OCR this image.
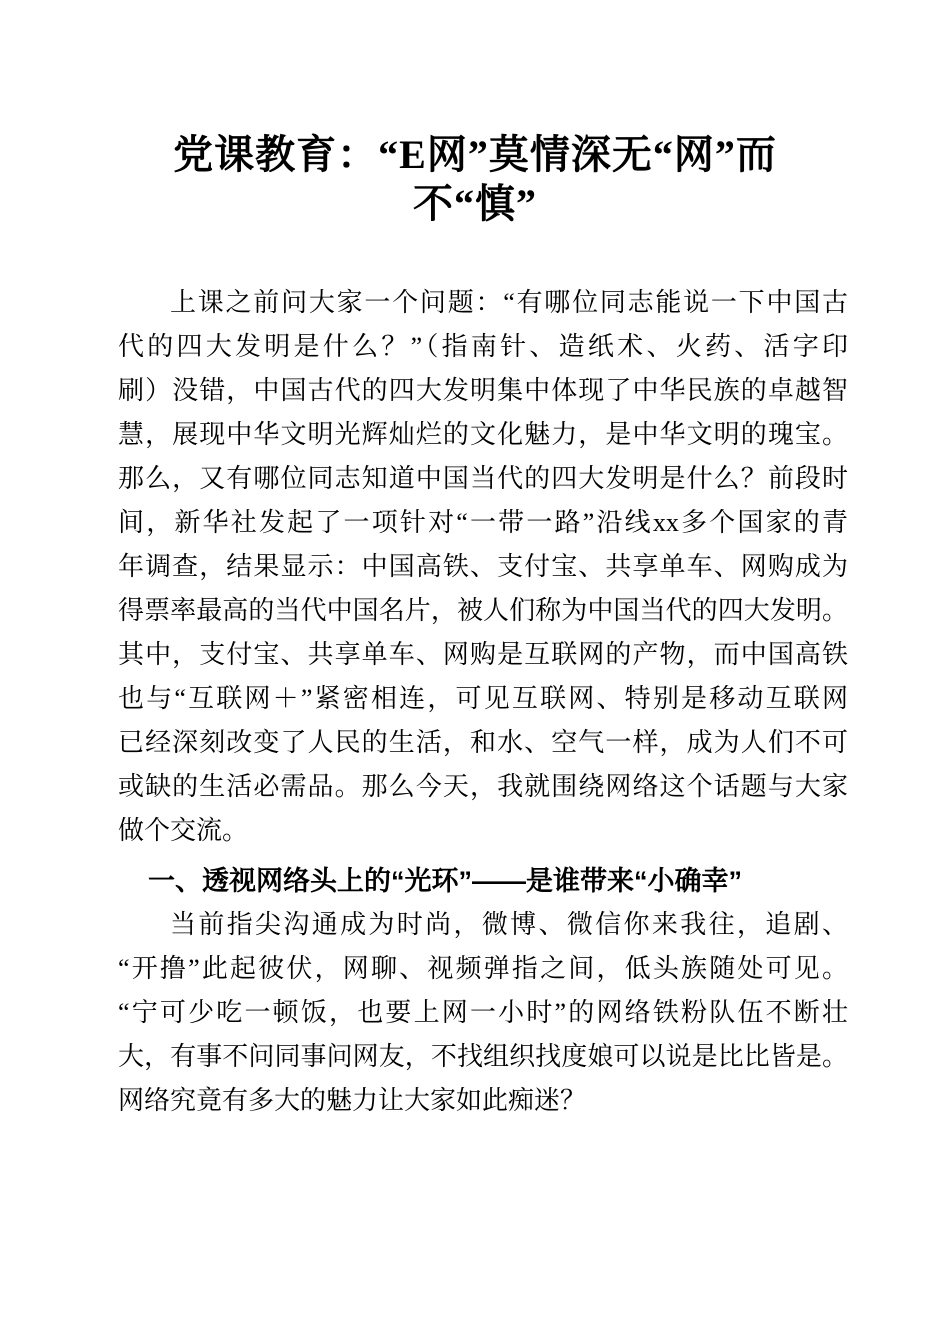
党课教育：“E网”莫情深无“网”而
不“慎”
上课之前问大家一个问题：“有哪位同志能说一下中国古
代的四大发明是什么？”（指南针、造纸术、火药、活字印
刷）没错，中国古代的四大发明集中体现了中华民族的卓越智
慧，展现中华文明光辉灿烂的文化魅力，是中华文明的瑰宝。
那么，又有哪位同志知道中国当代的四大发明是什么？前段时
间，新华社发起了一项针对“一带一路”沿线xx多个国家的青
年调查，结果显示：中国高铁、支付宝、共享单车、网购成为
得票率最高的当代中国名片，被人们称为中国当代的四大发明。
其中，支付宝、共享单车、网购是互联网的产物，而中国高铁
也与“互联网＋”紧密相连，可见互联网、特别是移动互联网
已经深刻改变了人民的生活，和水、空气一样，成为人们不可
或缺的生活必需品。那么今天，我就围绕网络这个话题与大家
做个交流。
一、透视网络头上的“光环”——是谁带来“小确幸”
当前指尖沟通成为时尚，微博、微信你来我往，追剧、
“开撸”此起彼伏，网聊、视频弹指之间，低头族随处可见。
“宁可少吃一顿饭，也要上网一小时”的网络铁粉队伍不断壮
大，有事不问同事问网友，不找组织找度娘可以说是比比皆是。
网络究竟有多大的魅力让大家如此痴迷？
